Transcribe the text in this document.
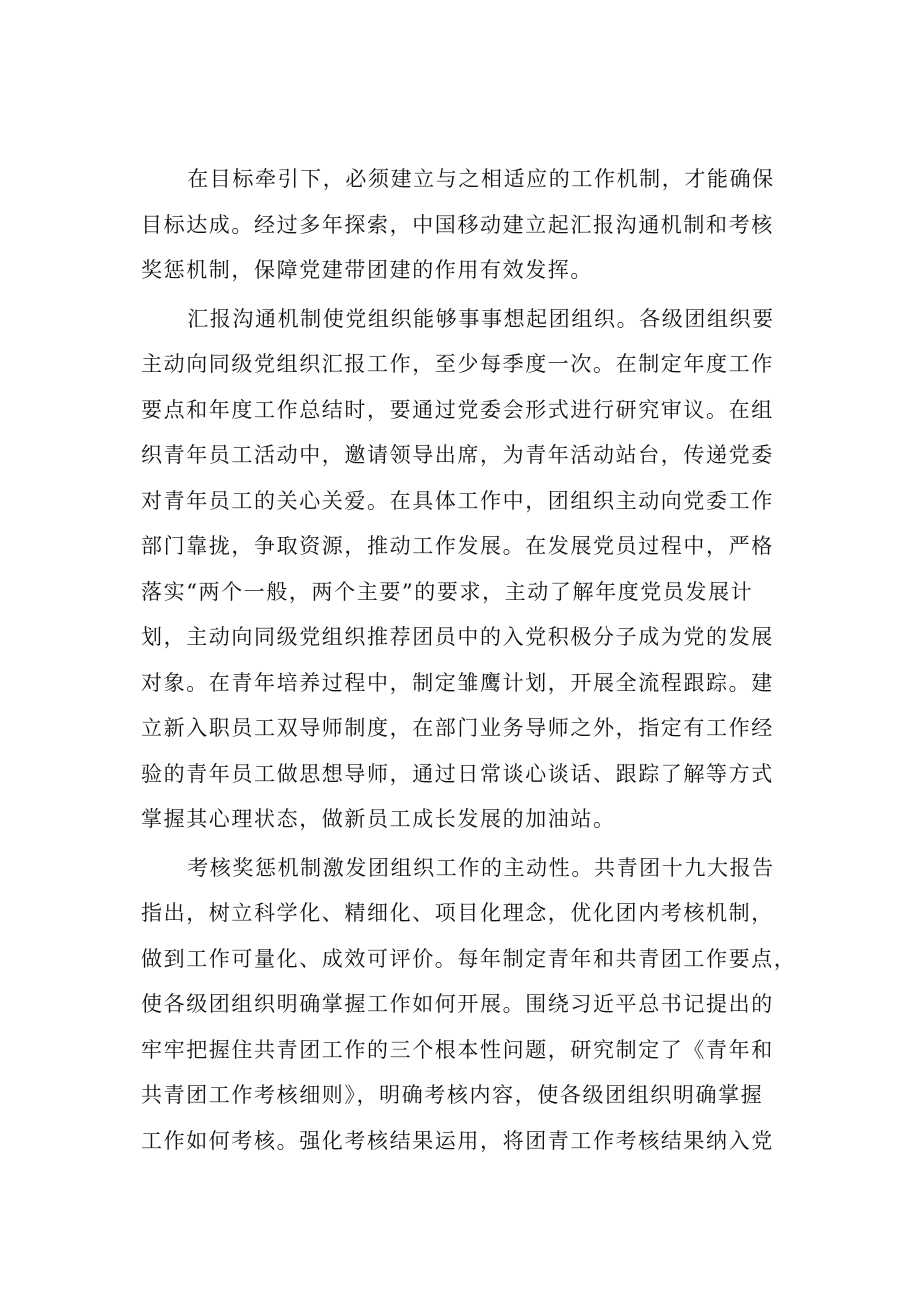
在目标牵引下，必须建立与之相适应的工作机制，才能确保
目标达成。经过多年探索，中国移动建立起汇报沟通机制和考核
奖惩机制，保障党建带团建的作用有效发挥。
汇报沟通机制使党组织能够事事想起团组织。各级团组织要
主动向同级党组织汇报工作，至少每季度一次。在制定年度工作
要点和年度工作总结时，要通过党委会形式进行研究审议。在组
织青年员工活动中，邀请领导出席，为青年活动站台，传递党委
对青年员工的关心关爱。在具体工作中，团组织主动向党委工作
部门靠拢，争取资源，推动工作发展。在发展党员过程中，严格
落实“两个一般，两个主要”的要求，主动了解年度党员发展计
划，主动向同级党组织推荐团员中的入党积极分子成为党的发展
对象。在青年培养过程中，制定雏鹰计划，开展全流程跟踪。建
立新入职员工双导师制度，在部门业务导师之外，指定有工作经
验的青年员工做思想导师，通过日常谈心谈话、跟踪了解等方式
掌握其心理状态，做新员工成长发展的加油站。
考核奖惩机制激发团组织工作的主动性。共青团十九大报告
指出，树立科学化、精细化、项目化理念，优化团内考核机制，
做到工作可量化、成效可评价。每年制定青年和共青团工作要点，
使各级团组织明确掌握工作如何开展。围绕习近平总书记提出的
牢牢把握住共青团工作的三个根本性问题，研究制定了《青年和
共青团工作考核细则》，明确考核内容，使各级团组织明确掌握
工作如何考核。强化考核结果运用，将团青工作考核结果纳入党
